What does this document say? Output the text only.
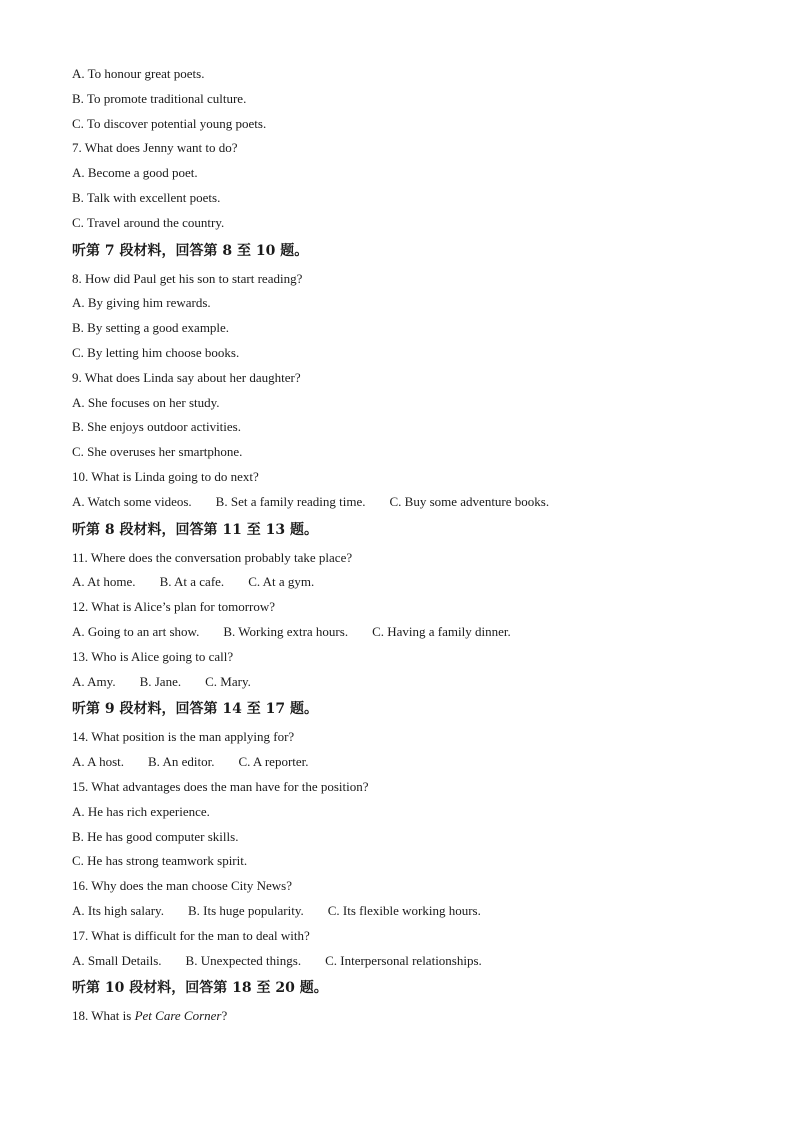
A. To honour great poets.
B. To promote traditional culture.
C. To discover potential young poets.
7. What does Jenny want to do?
A. Become a good poet.
B. Talk with excellent poets.
C. Travel around the country.
听第 7 段材料，回答第 8 至 10 题。
8. How did Paul get his son to start reading?
A. By giving him rewards.
B. By setting a good example.
C. By letting him choose books.
9. What does Linda say about her daughter?
A. She focuses on her study.
B. She enjoys outdoor activities.
C. She overuses her smartphone.
10. What is Linda going to do next?
A. Watch some videos. B. Set a family reading time. C. Buy some adventure books.
听第 8 段材料，回答第 11 至 13 题。
11. Where does the conversation probably take place?
A. At home. B. At a cafe. C. At a gym.
12. What is Alice’s plan for tomorrow?
A. Going to an art show. B. Working extra hours. C. Having a family dinner.
13. Who is Alice going to call?
A. Amy. B. Jane. C. Mary.
听第 9 段材料，回答第 14 至 17 题。
14. What position is the man applying for?
A. A host. B. An editor. C. A reporter.
15. What advantages does the man have for the position?
A. He has rich experience.
B. He has good computer skills.
C. He has strong teamwork spirit.
16. Why does the man choose City News?
A. Its high salary. B. Its huge popularity. C. Its flexible working hours.
17. What is difficult for the man to deal with?
A. Small Details. B. Unexpected things. C. Interpersonal relationships.
听第 10 段材料，回答第 18 至 20 题。
18. What is Pet Care Corner?
